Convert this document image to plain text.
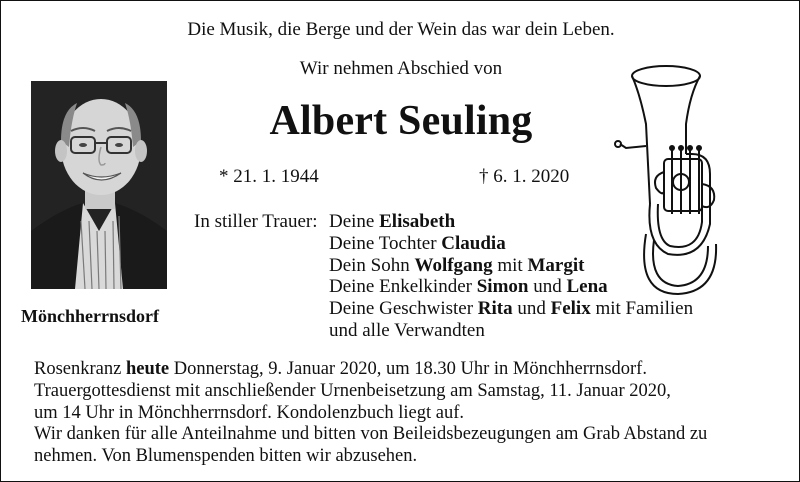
Die Musik, die Berge und der Wein das war dein Leben.
Wir nehmen Abschied von
Albert Seuling
* 21. 1. 1944	† 6. 1. 2020
Mönchherrnsdorf
In stiller Trauer: Deine Elisabeth
Deine Tochter Claudia
Dein Sohn Wolfgang mit Margit
Deine Enkelkinder Simon und Lena
Deine Geschwister Rita und Felix mit Familien
und alle Verwandten
Rosenkranz heute Donnerstag, 9. Januar 2020, um 18.30 Uhr in Mönchherrnsdorf.
Trauergottesdienst mit anschließender Urnenbeisetzung am Samstag, 11. Januar 2020,
um 14 Uhr in Mönchherrnsdorf. Kondolenzbuch liegt auf.
Wir danken für alle Anteilnahme und bitten von Beileidsbezeugungen am Grab Abstand zu
nehmen. Von Blumenspenden bitten wir abzusehen.
